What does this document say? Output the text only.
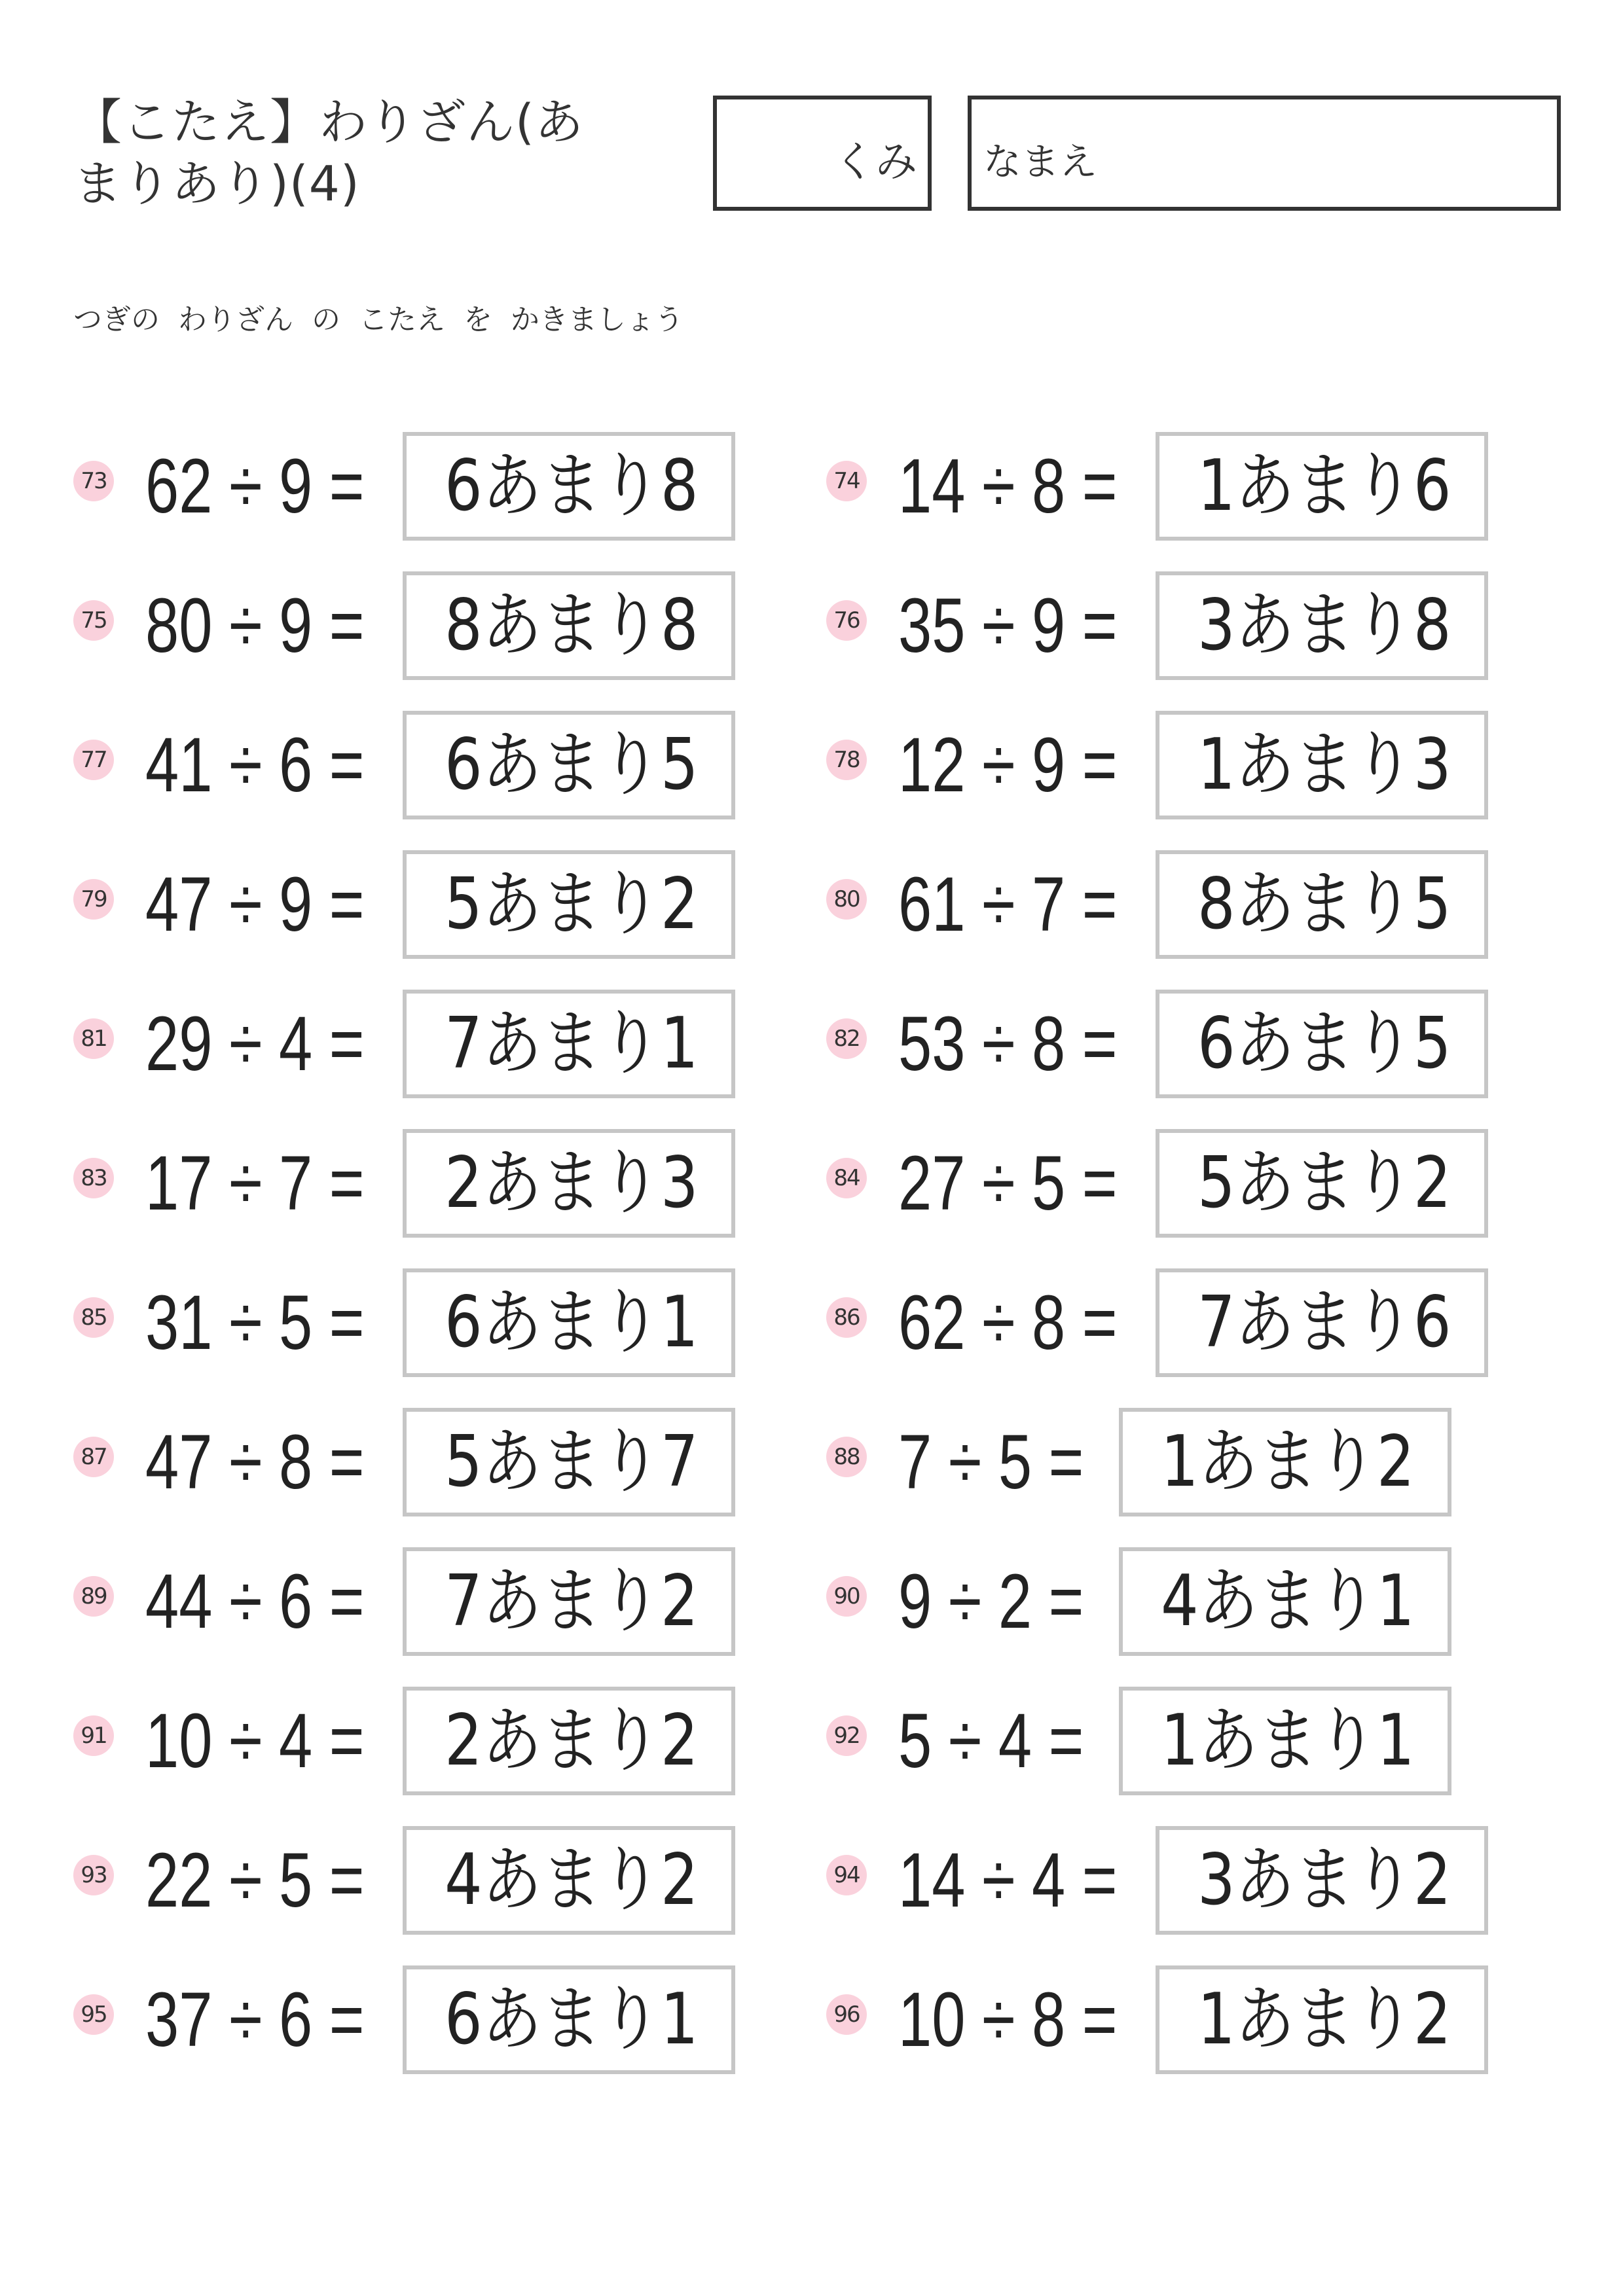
【こたえ】わりざん(あ
まりあり)(4)	くみ なまえ
つぎの わりざん の こたえ を かきましょう
73 62 ÷ 9 = 6あまり8
75 80 ÷ 9 = 8あまり8
77 41 ÷ 6 = 6あまり5
79 47 ÷ 9 = 5あまり2
81 29 ÷ 4 = 7あまり1
83 17 ÷ 7 = 2あまり3
85 31 ÷ 5 = 6あまり1
87 47 ÷ 8 = 5あまり7
89 44 ÷ 6 = 7あまり2
91 10 ÷ 4 = 2あまり2
93 22 ÷ 5 = 4あまり2
95 37 ÷ 6 = 6あまり1
74 14 ÷ 8 = 1あまり6
76 35 ÷ 9 = 3あまり8
78 12 ÷ 9 = 1あまり3
80 61 ÷ 7 = 8あまり5
82 53 ÷ 8 = 6あまり5
84 27 ÷ 5 = 5あまり2
86 62 ÷ 8 = 7あまり6
88 7 ÷ 5 = 1あまり2
90 9 ÷ 2 = 4あまり1
92 5 ÷ 4 = 1あまり1
94 14 ÷ 4 = 3あまり2
96 10 ÷ 8 = 1あまり2
